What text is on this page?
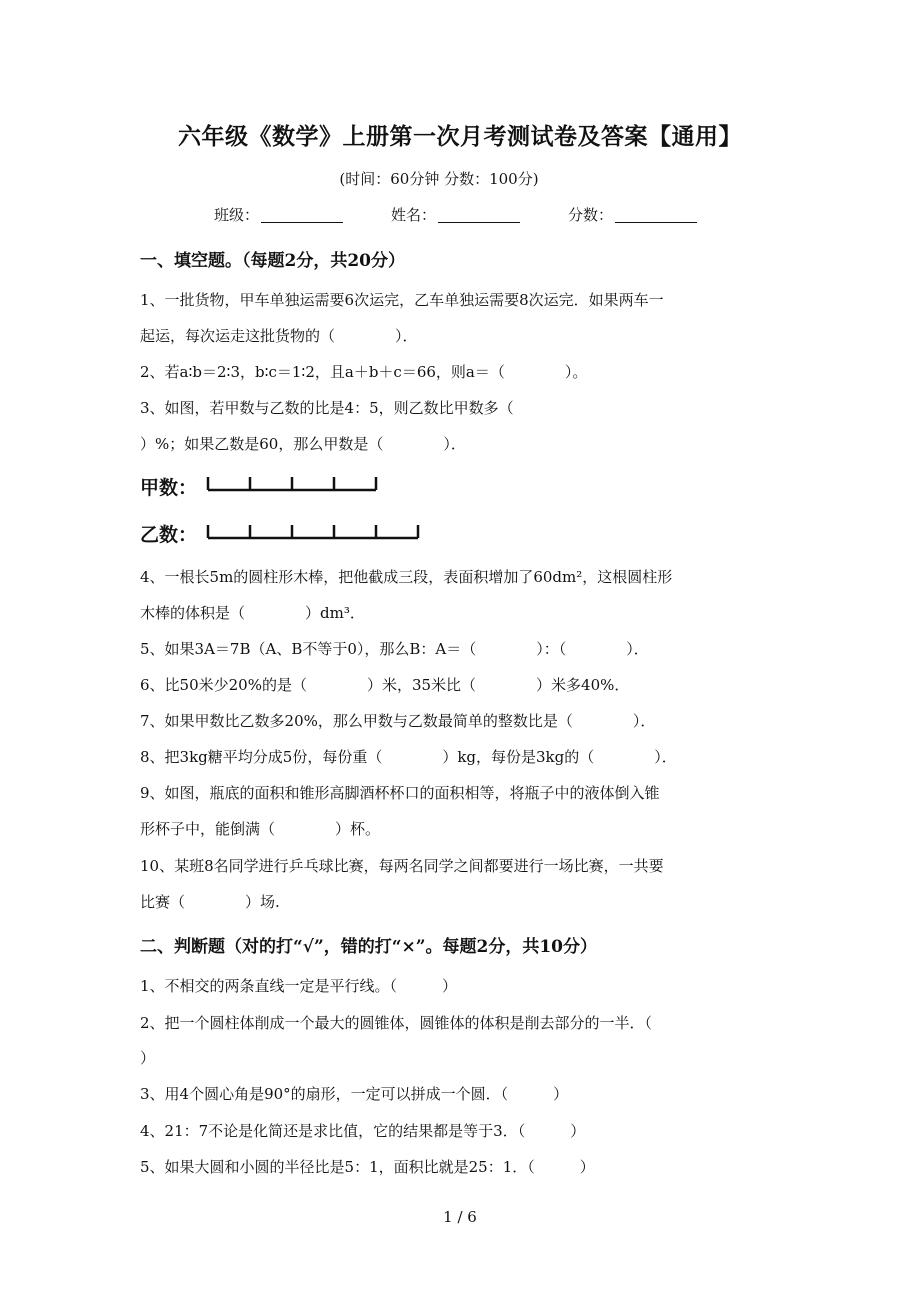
六年级《数学》上册第一次月考测试卷及答案【通用】
(时间：60分钟 分数：100分)
班级：	姓名：	分数：
一、填空题。（每题2分，共20分）
1、一批货物，甲车单独运需要6次运完，乙车单独运需要8次运完．如果两车一
起运，每次运走这批货物的（　　　　）．
2、若a∶b＝2∶3，b∶c＝1∶2，且a＋b＋c＝66，则a＝（　　　　）。
3、如图，若甲数与乙数的比是4：5，则乙数比甲数多（
）%；如果乙数是60，那么甲数是（　　　　）．
甲数：
乙数：
4、一根长5m的圆柱形木棒，把他截成三段，表面积增加了60dm²，这根圆柱形
木棒的体积是（　　　　）dm³．
5、如果3A＝7B（A、B不等于0），那么B：A＝（　　　　）：（　　　　）．
6、比50米少20%的是（　　　　）米，35米比（　　　　）米多40%．
7、如果甲数比乙数多20%，那么甲数与乙数最简单的整数比是（　　　　）．
8、把3kg糖平均分成5份，每份重（　　　　）kg，每份是3kg的（　　　　）．
9、如图，瓶底的面积和锥形高脚酒杯杯口的面积相等，将瓶子中的液体倒入锥
形杯子中，能倒满（　　　　）杯。
10、某班8名同学进行乒乓球比赛，每两名同学之间都要进行一场比赛，一共要
比赛（　　　　）场.
二、判断题（对的打“√”，错的打“×”。每题2分，共10分）
1、不相交的两条直线一定是平行线。（　　　）
2、把一个圆柱体削成一个最大的圆锥体，圆锥体的体积是削去部分的一半．（
）
3、用4个圆心角是90°的扇形，一定可以拼成一个圆．（　　　）
4、21：7不论是化简还是求比值，它的结果都是等于3．（　　　）
5、如果大圆和小圆的半径比是5：1，面积比就是25：1．（　　　）
1 / 6
